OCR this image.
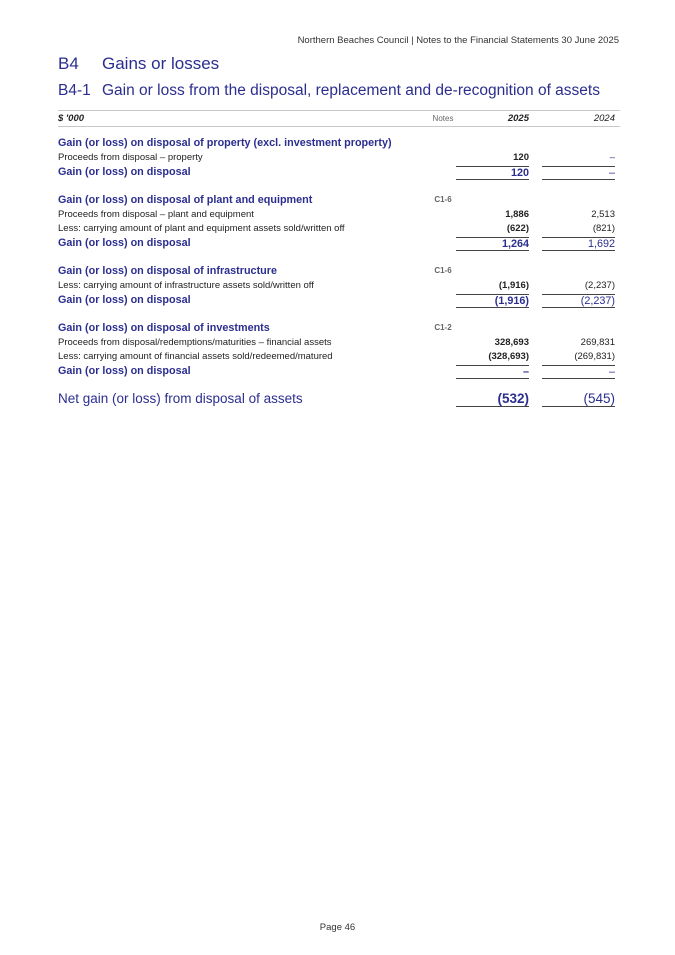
Northern Beaches Council | Notes to the Financial Statements 30 June 2025
B4 Gains or losses
B4-1 Gain or loss from the disposal, replacement and de-recognition of assets
$ '000	Notes	2025	2024
Gain (or loss) on disposal of property (excl. investment property)
Proceeds from disposal – property	120	–
Gain (or loss) on disposal	120	–
Gain (or loss) on disposal of plant and equipment	C1-6
Proceeds from disposal – plant and equipment	1,886	2,513
Less: carrying amount of plant and equipment assets sold/written off	(622)	(821)
Gain (or loss) on disposal	1,264	1,692
Gain (or loss) on disposal of infrastructure	C1-6
Less: carrying amount of infrastructure assets sold/written off	(1,916)	(2,237)
Gain (or loss) on disposal	(1,916)	(2,237)
Gain (or loss) on disposal of investments	C1-2
Proceeds from disposal/redemptions/maturities – financial assets	328,693	269,831
Less: carrying amount of financial assets sold/redeemed/matured	(328,693)	(269,831)
Gain (or loss) on disposal	–	–
Net gain (or loss) from disposal of assets	(532)	(545)
Page 46
